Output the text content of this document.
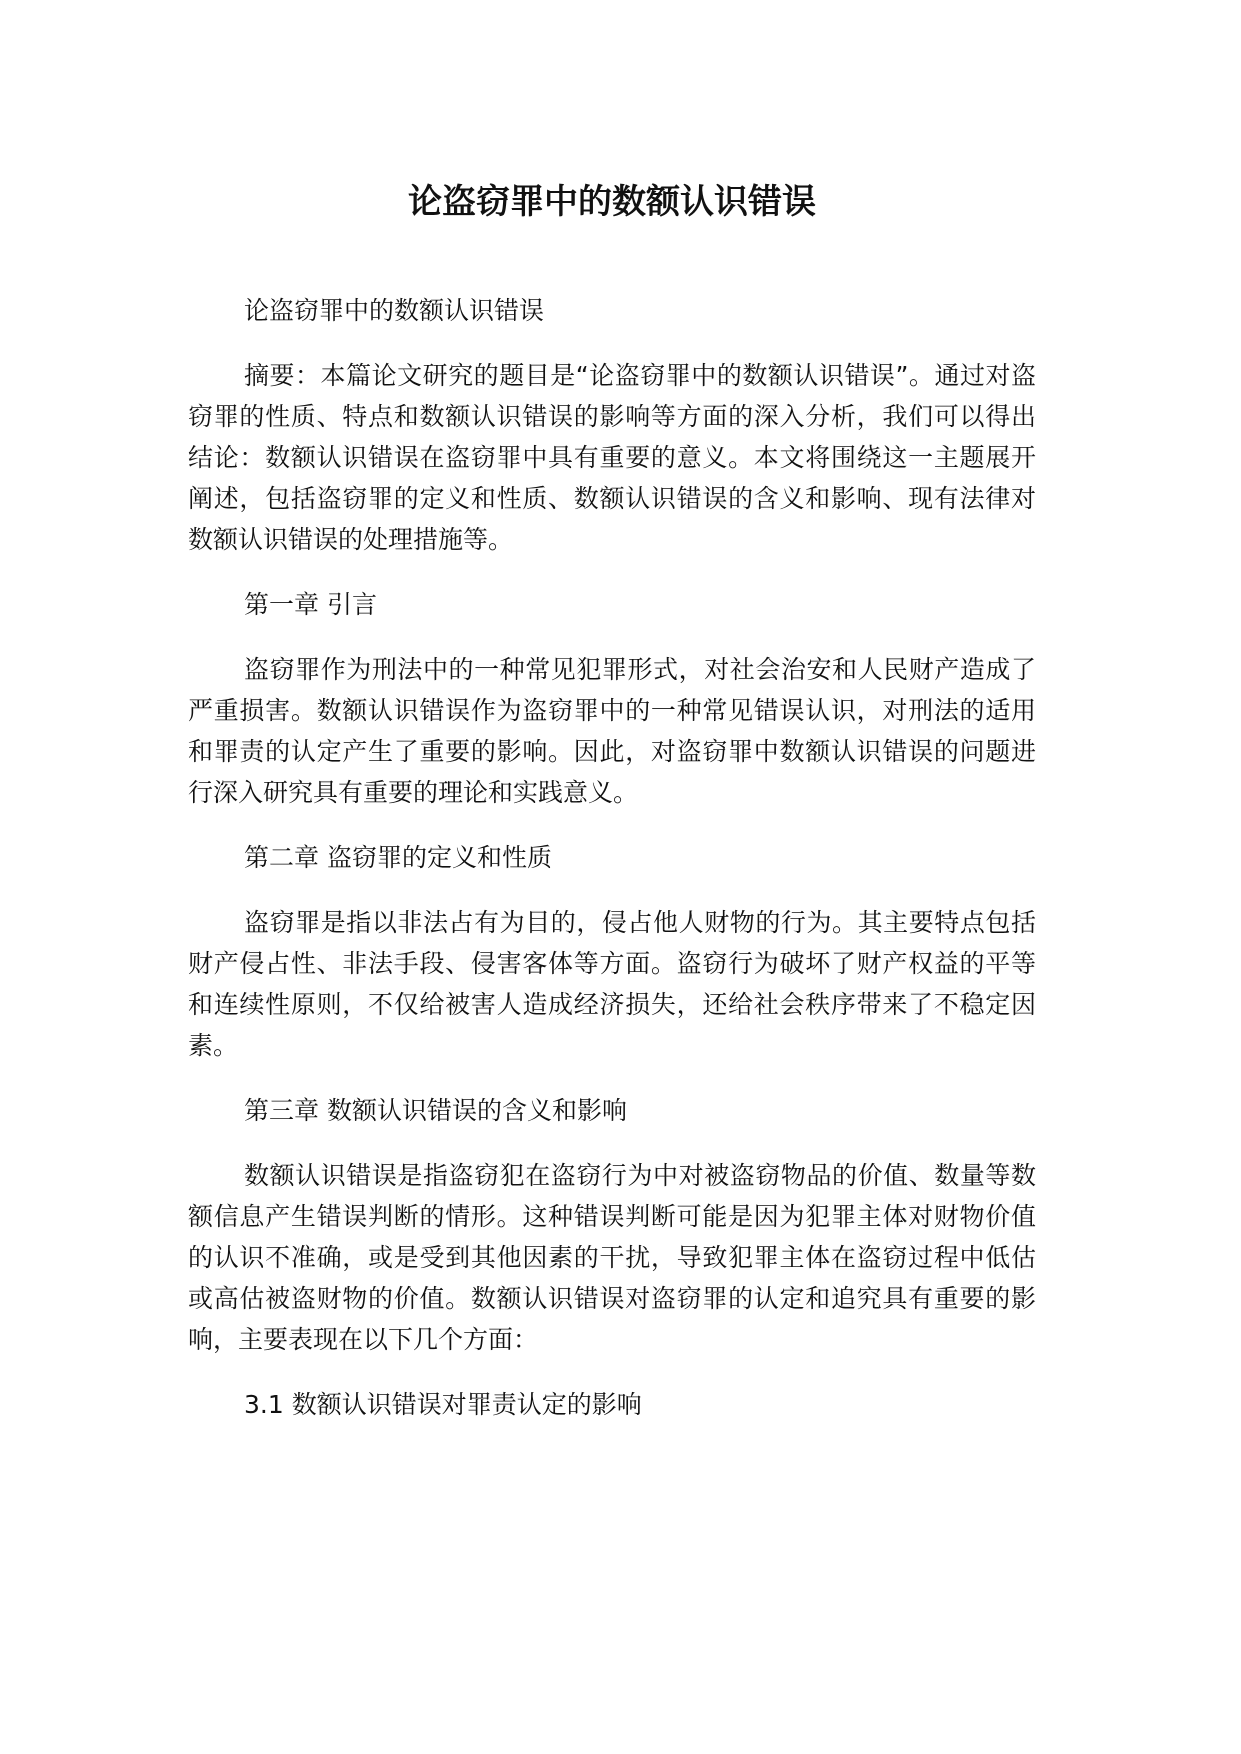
论盗窃罪中的数额认识错误

论盗窃罪中的数额认识错误

摘要：本篇论文研究的题目是“论盗窃罪中的数额认识错误”。通过对盗窃罪的性质、特点和数额认识错误的影响等方面的深入分析，我们可以得出结论：数额认识错误在盗窃罪中具有重要的意义。本文将围绕这一主题展开阐述，包括盗窃罪的定义和性质、数额认识错误的含义和影响、现有法律对数额认识错误的处理措施等。

第一章 引言

盗窃罪作为刑法中的一种常见犯罪形式，对社会治安和人民财产造成了严重损害。数额认识错误作为盗窃罪中的一种常见错误认识，对刑法的适用和罪责的认定产生了重要的影响。因此，对盗窃罪中数额认识错误的问题进行深入研究具有重要的理论和实践意义。

第二章 盗窃罪的定义和性质

盗窃罪是指以非法占有为目的，侵占他人财物的行为。其主要特点包括财产侵占性、非法手段、侵害客体等方面。盗窃行为破坏了财产权益的平等和连续性原则，不仅给被害人造成经济损失，还给社会秩序带来了不稳定因素。

第三章 数额认识错误的含义和影响

数额认识错误是指盗窃犯在盗窃行为中对被盗窃物品的价值、数量等数额信息产生错误判断的情形。这种错误判断可能是因为犯罪主体对财物价值的认识不准确，或是受到其他因素的干扰，导致犯罪主体在盗窃过程中低估或高估被盗财物的价值。数额认识错误对盗窃罪的认定和追究具有重要的影响，主要表现在以下几个方面：

3.1 数额认识错误对罪责认定的影响
